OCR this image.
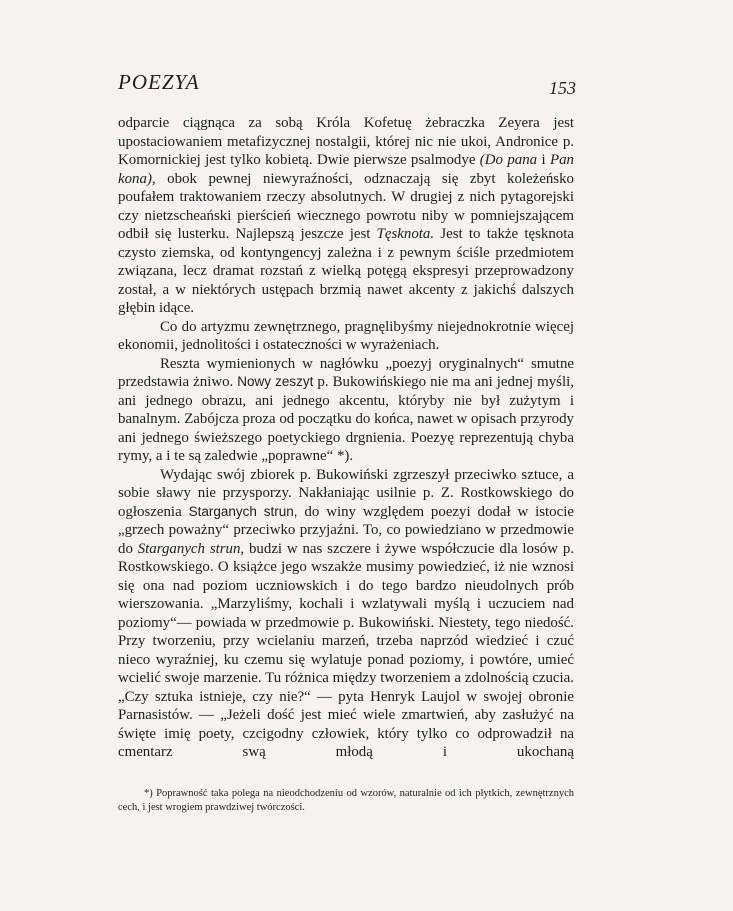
POEZYA	153

odparcie ciągnąca za sobą Króla Kofetuę żebraczka Zeyera jest upostaciowaniem metafizycznej nostalgii, której nic nie ukoi, Andronice p. Komornickiej jest tylko kobietą. Dwie pierwsze psalmodye (Do pana i Pan kona), obok pewnej niewyraźności, odznaczają się zbyt koleżeńsko poufałem traktowaniem rzeczy absolutnych. W drugiej z nich pytagorejski czy nietzscheański pierścień wiecznego powrotu niby w pomniejszającem odbił się lusterku. Najlepszą jeszcze jest Tęsknota. Jest to także tęsknota czysto ziemska, od kontyngencyj zależna i z pewnym ściśle przedmiotem związana, lecz dramat rozstań z wielką potęgą ekspresyi przeprowadzony został, a w niektórych ustępach brzmią nawet akcenty z jakichś dalszych głębin idące.

Co do artyzmu zewnętrznego, pragnęlibyśmy niejednokrotnie więcej ekonomii, jednolitości i ostateczności w wyrażeniach.

Reszta wymienionych w nagłówku „poezyj oryginalnych“ smutne przedstawia żniwo. Nowy zeszyt p. Bukowińskiego nie ma ani jednej myśli, ani jednego obrazu, ani jednego akcentu, któryby nie był zużytym i banalnym. Zabójcza proza od początku do końca, nawet w opisach przyrody ani jednego świeższego poetyckiego drgnienia. Poezyę reprezentują chyba rymy, a i te są zaledwie „poprawne“ *).

Wydając swój zbiorek p. Bukowiński zgrzeszył przeciwko sztuce, a sobie sławy nie przysporzy. Nakłaniając usilnie p. Z. Rostkowskiego do ogłoszenia Starganych strun, do winy względem poezyi dodał w istocie „grzech poważny“ przeciwko przyjaźni. To, co powiedziano w przedmowie do Starganych strun, budzi w nas szczere i żywe współczucie dla losów p. Rostkowskiego. O książce jego wszakże musimy powiedzieć, iż nie wznosi się ona nad poziom uczniowskich i do tego bardzo nieudolnych prób wierszowania. „Marzyliśmy, kochali i wzlatywali myślą i uczuciem nad poziomy“— powiada w przedmowie p. Bukowiński. Niestety, tego niedość. Przy tworzeniu, przy wcielaniu marzeń, trzeba naprzód wiedzieć i czuć nieco wyraźniej, ku czemu się wylatuje ponad poziomy, i powtóre, umieć wcielić swoje marzenie. Tu różnica między tworzeniem a zdolnością czucia. „Czy sztuka istnieje, czy nie?“ — pyta Henryk Laujol w swojej obronie Parnasistów. — „Jeżeli dość jest mieć wiele zmartwień, aby zasłużyć na święte imię poety, czcigodny człowiek, który tylko co odprowadził na cmentarz swą młodą i ukochaną

*) Poprawność taka polega na nieodchodzeniu od wzorów, naturalnie od ich płytkich, zewnętrznych cech, i jest wrogiem prawdziwej twórczości.
